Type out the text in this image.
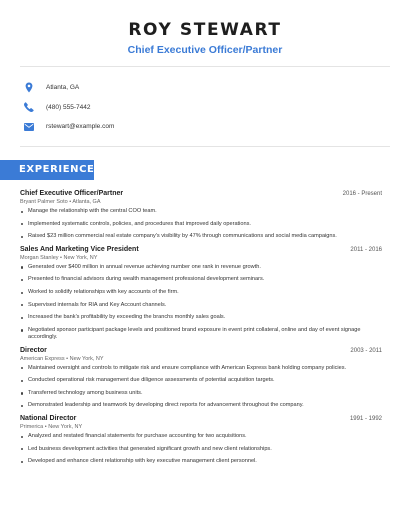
ROY STEWART
Chief Executive Officer/Partner
Atlanta, GA
(480) 555-7442
rstewart@example.com
EXPERIENCE
Chief Executive Officer/Partner	2016 - Present
Bryant Palmer Soto • Atlanta, GA
Manage the relationship with the central COO team.
Implemented systematic controls, policies, and procedures that improved daily operations.
Raised $23 million commercial real estate company's visibility by 47% through communications and social media campaigns.
Sales And Marketing Vice President	2011 - 2016
Morgan Stanley • New York, NY
Generated over $400 million in annual revenue achieving number one rank in revenue growth.
Presented to financial advisors during wealth management professional development seminars.
Worked to solidify relationships with key accounts of the firm.
Supervised internals for RIA and Key Account channels.
Increased the bank's profitability by exceeding the branchs monthly sales goals.
Negotiated sponsor participant package levels and positioned brand exposure in event print collateral, online and day of event signage accordingly.
Director	2003 - 2011
American Express • New York, NY
Maintained oversight and controls to mitigate risk and ensure compliance with American Express bank holding company policies.
Conducted operational risk management due diligence assessments of potential acquisition targets.
Transferred technology among business units.
Demonstrated leadership and teamwork by developing direct reports for advancement throughout the company.
National Director	1991 - 1992
Primerica • New York, NY
Analyzed and restated financial statements for purchase accounting for two acquisitions.
Led business development activities that generated significant growth and new client relationships.
Developed and enhance client relationship with key executive management client personnel.
